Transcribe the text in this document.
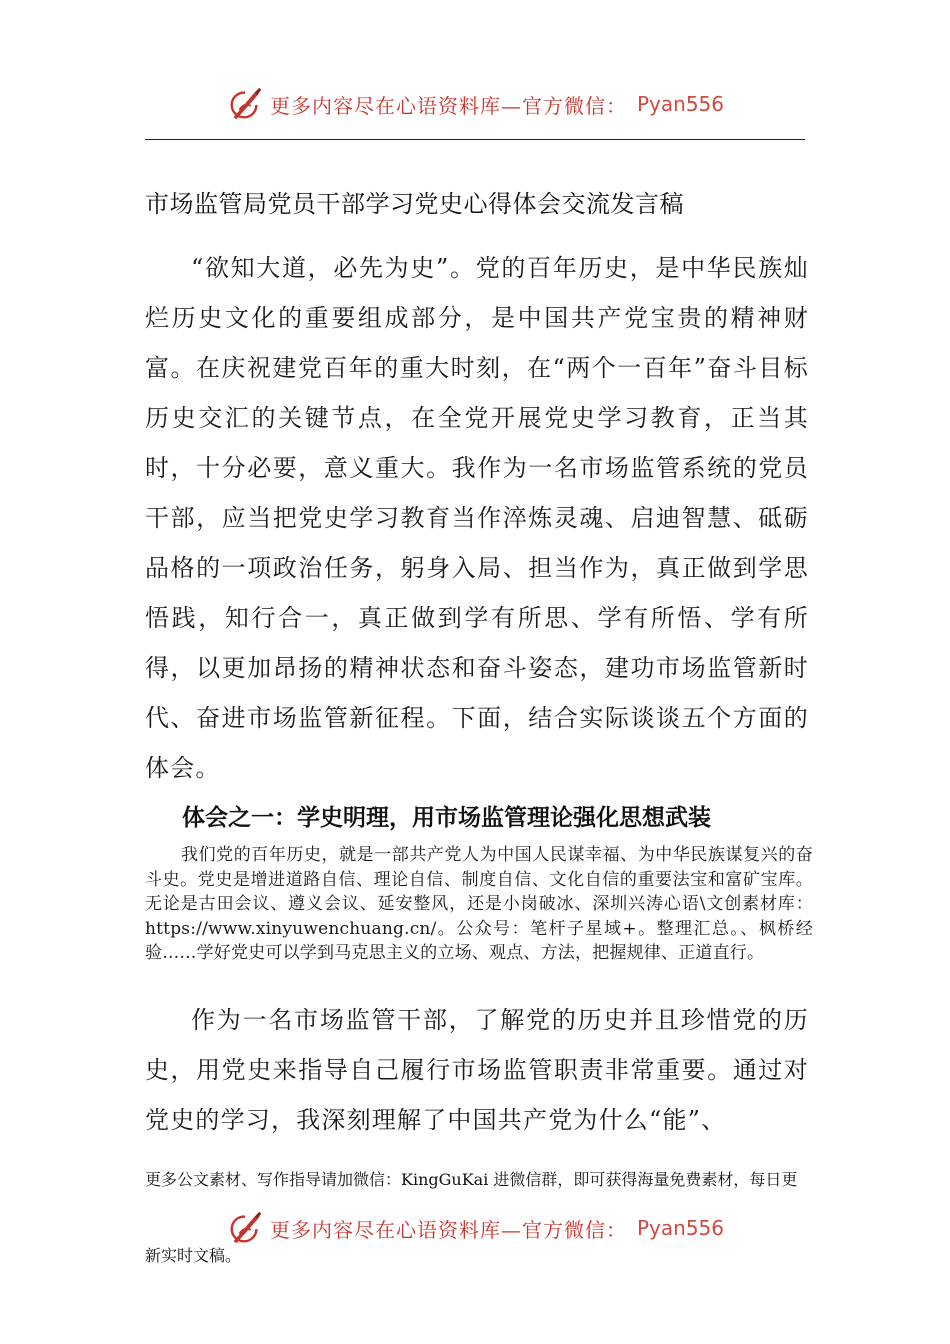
更多内容尽在心语资料库—官方微信： Pyan556
市场监管局党员干部学习党史心得体会交流发言稿

“欲知大道，必先为史”。党的百年历史，是中华民族灿烂历史文化的重要组成部分，是中国共产党宝贵的精神财富。在庆祝建党百年的重大时刻，在“两个一百年”奋斗目标历史交汇的关键节点，在全党开展党史学习教育，正当其时，十分必要，意义重大。我作为一名市场监管系统的党员干部，应当把党史学习教育当作淬炼灵魂、启迪智慧、砥砺品格的一项政治任务，躬身入局、担当作为，真正做到学思悟践，知行合一，真正做到学有所思、学有所悟、学有所得，以更加昂扬的精神状态和奋斗姿态，建功市场监管新时代、奋进市场监管新征程。下面，结合实际谈谈五个方面的体会。

体会之一：学史明理，用市场监管理论强化思想武装

我们党的百年历史，就是一部共产党人为中国人民谋幸福、为中华民族谋复兴的奋斗史。党史是增进道路自信、理论自信、制度自信、文化自信的重要法宝和富矿宝库。无论是古田会议、遵义会议、延安整风，还是小岗破冰、深圳兴涛心语\文创素材库：https://www.xinyuwenchuang.cn/。公众号：笔杆子星域+。整理汇总。、枫桥经验……学好党史可以学到马克思主义的立场、观点、方法，把握规律、正道直行。

作为一名市场监管干部，了解党的历史并且珍惜党的历史，用党史来指导自己履行市场监管职责非常重要。通过对党史的学习，我深刻理解了中国共产党为什么“能”、

更多公文素材、写作指导请加微信：KingGuKai 进微信群，即可获得海量免费素材，每日更

更多内容尽在心语资料库—官方微信： Pyan556

新实时文稿。
